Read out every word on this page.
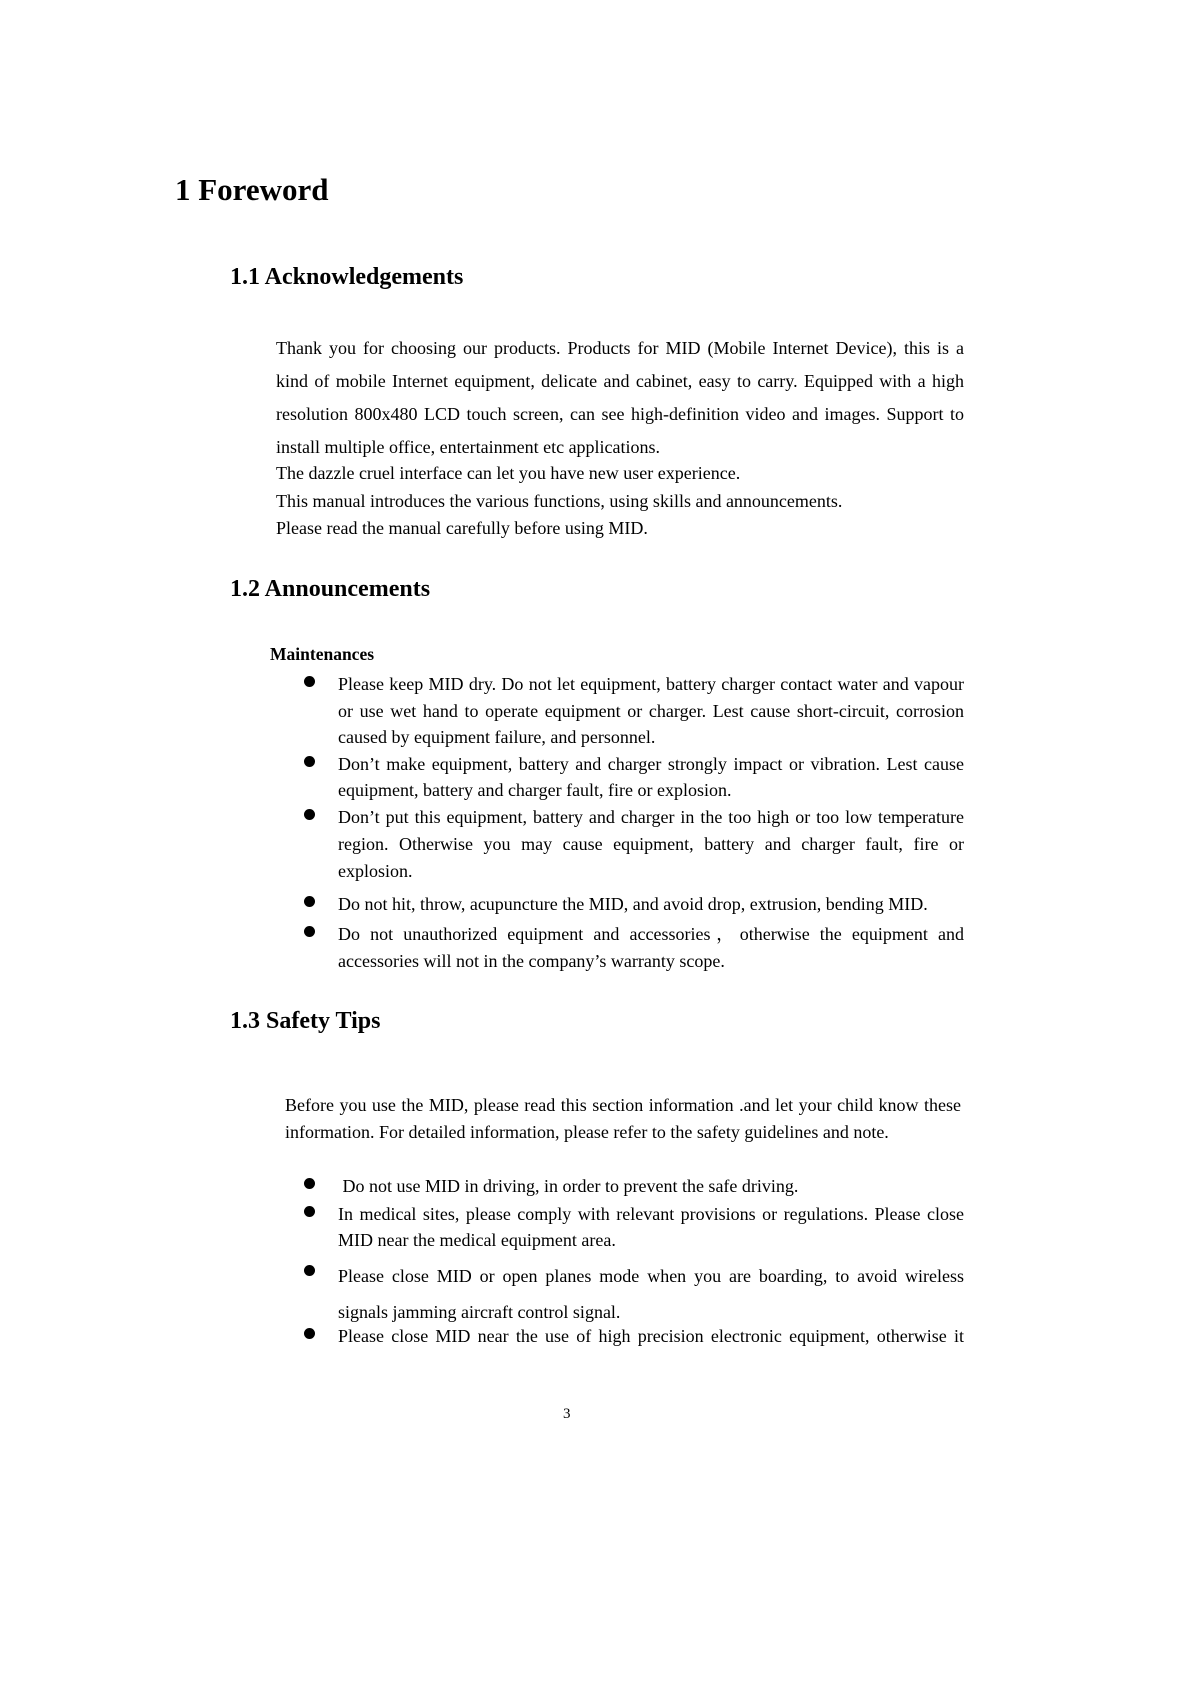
1 Foreword
1.1 Acknowledgements

Thank you for choosing our products. Products for MID (Mobile Internet Device), this is a kind of mobile Internet equipment, delicate and cabinet, easy to carry. Equipped with a high resolution 800x480 LCD touch screen, can see high-definition video and images. Support to install multiple office, entertainment etc applications.

The dazzle cruel interface can let you have new user experience.

This manual introduces the various functions, using skills and announcements.

Please read the manual carefully before using MID.

1.2 Announcements

Maintenances

Please keep MID dry. Do not let equipment, battery charger contact water and vapour or use wet hand to operate equipment or charger. Lest cause short-circuit, corrosion caused by equipment failure, and personnel.

Don’t make equipment, battery and charger strongly impact or vibration. Lest cause equipment, battery and charger fault, fire or explosion.

Don’t put this equipment, battery and charger in the too high or too low temperature region. Otherwise you may cause equipment, battery and charger fault, fire or explosion.

Do not hit, throw, acupuncture the MID, and avoid drop, extrusion, bending MID.

Do not unauthorized equipment and accessories，otherwise the equipment and accessories will not in the company’s warranty scope.

1.3 Safety Tips

Before you use the MID, please read this section information .and let your child know these information. For detailed information, please refer to the safety guidelines and note.

Do not use MID in driving, in order to prevent the safe driving.

In medical sites, please comply with relevant provisions or regulations. Please close MID near the medical equipment area.

Please close MID or open planes mode when you are boarding, to avoid wireless signals jamming aircraft control signal.

Please close MID near the use of high precision electronic equipment, otherwise it

3
